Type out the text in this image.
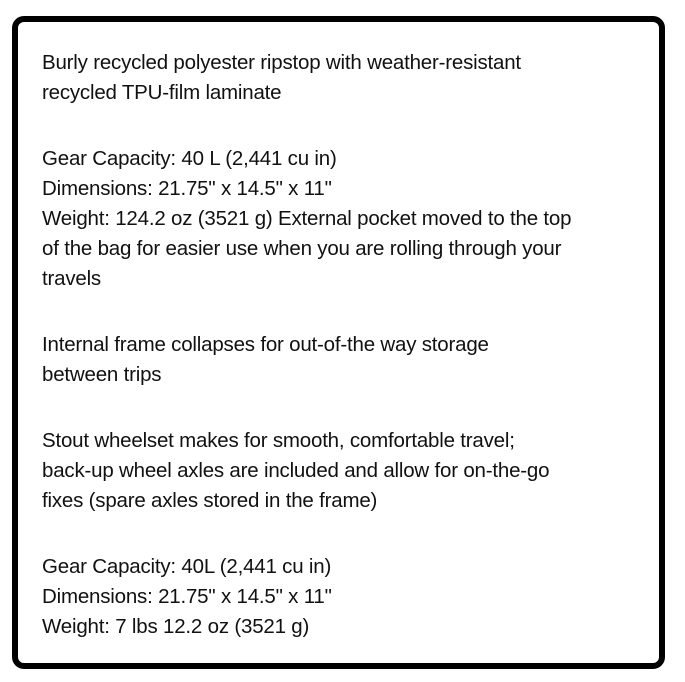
Burly recycled polyester ripstop with weather-resistant
recycled TPU-film laminate
Gear Capacity: 40 L (2,441 cu in)
Dimensions: 21.75" x 14.5" x 11"
Weight: 124.2 oz (3521 g) External pocket moved to the top
of the bag for easier use when you are rolling through your
travels
Internal frame collapses for out-of-the way storage
between trips
Stout wheelset makes for smooth, comfortable travel;
back-up wheel axles are included and allow for on-the-go
fixes (spare axles stored in the frame)
Gear Capacity: 40L (2,441 cu in)
Dimensions: 21.75" x 14.5" x 11"
Weight: 7 lbs 12.2 oz (3521 g)
